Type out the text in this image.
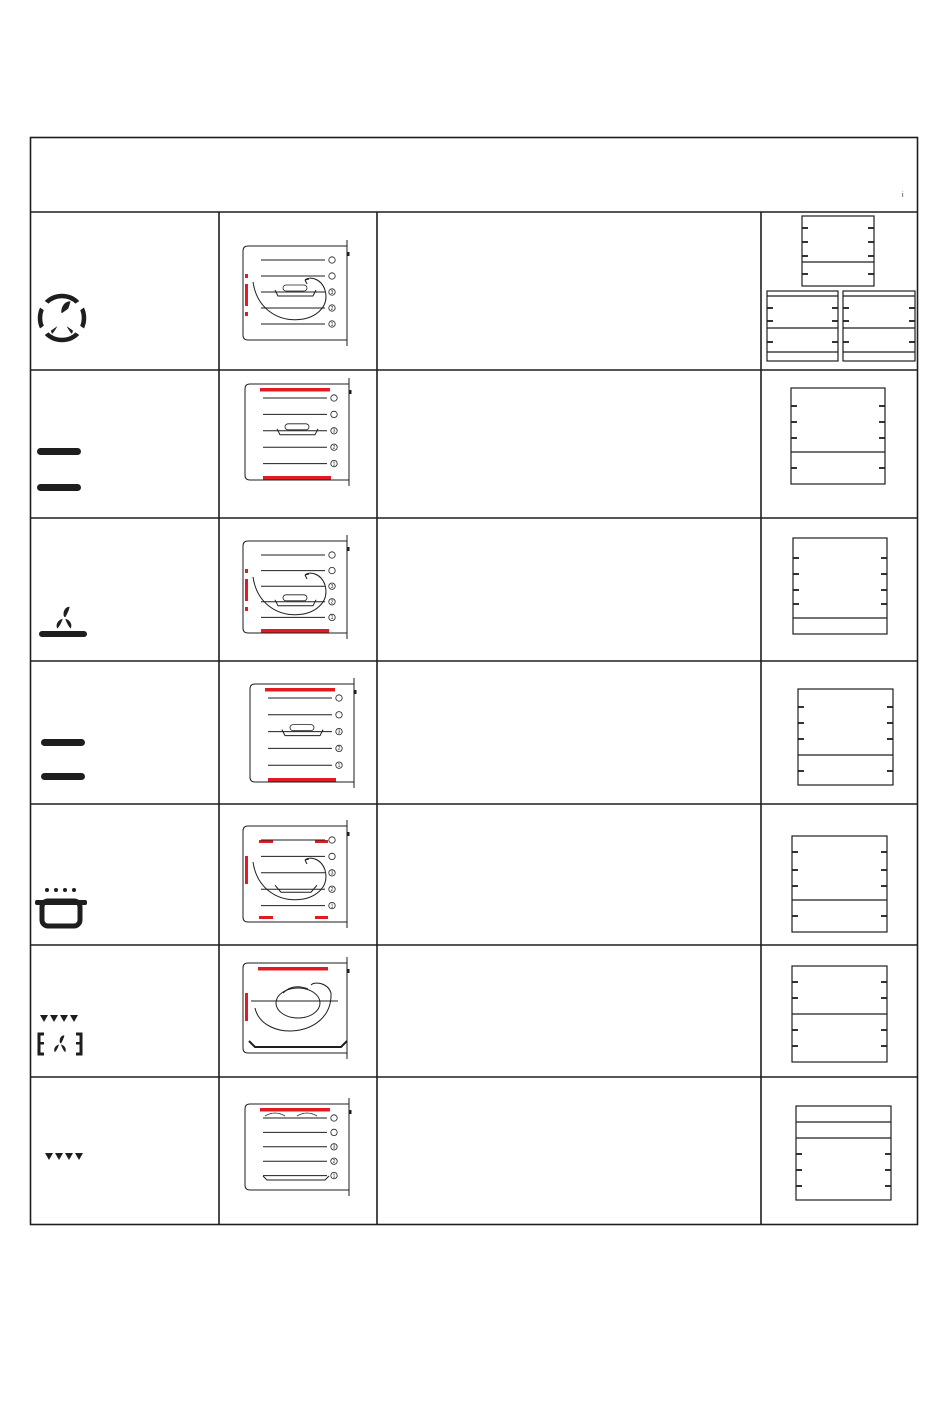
3
2
1
3
2
1
3
2
1
3
2
1
3
2
1
3
2
1
i
